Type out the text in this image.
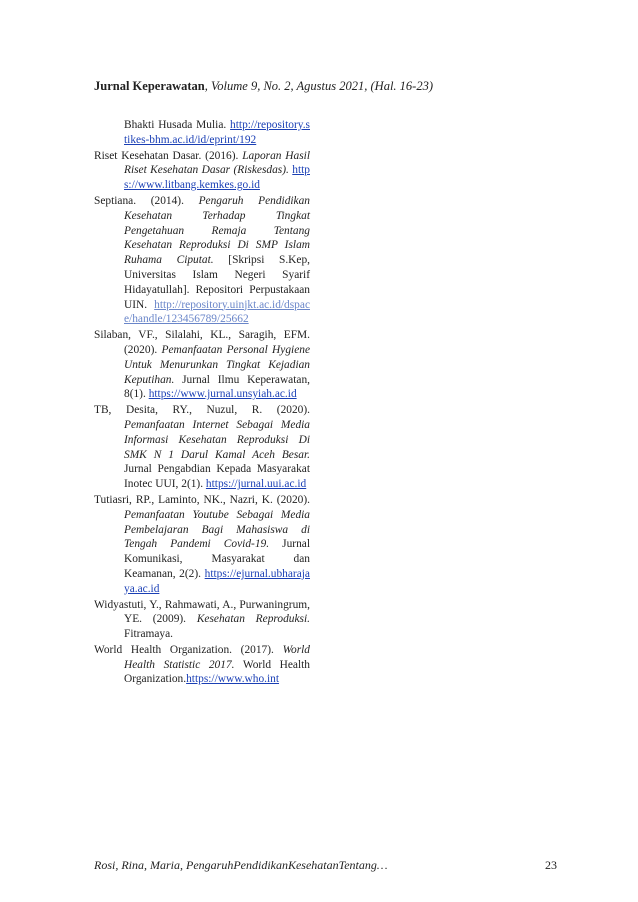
Jurnal Keperawatan, Volume 9, No. 2, Agustus 2021, (Hal. 16-23)

Bhakti Husada Mulia. http://repository.stikes-bhm.ac.id/id/eprint/192

Riset Kesehatan Dasar. (2016). Laporan Hasil Riset Kesehatan Dasar (Riskesdas). https://www.litbang.kemkes.go.id

Septiana. (2014). Pengaruh Pendidikan Kesehatan Terhadap Tingkat Pengetahuan Remaja Tentang Kesehatan Reproduksi Di SMP Islam Ruhama Ciputat. [Skripsi S.Kep, Universitas Islam Negeri Syarif Hidayatullah]. Repositori Perpustakaan UIN. http://repository.uinjkt.ac.id/dspace/handle/123456789/25662

Silaban, VF., Silalahi, KL., Saragih, EFM. (2020). Pemanfaatan Personal Hygiene Untuk Menurunkan Tingkat Kejadian Keputihan. Jurnal Ilmu Keperawatan, 8(1). https://www.jurnal.unsyiah.ac.id

TB, Desita, RY., Nuzul, R. (2020). Pemanfaatan Internet Sebagai Media Informasi Kesehatan Reproduksi Di SMK N 1 Darul Kamal Aceh Besar. Jurnal Pengabdian Kepada Masyarakat Inotec UUI, 2(1). https://jurnal.uui.ac.id

Tutiasri, RP., Laminto, NK., Nazri, K. (2020). Pemanfaatan Youtube Sebagai Media Pembelajaran Bagi Mahasiswa di Tengah Pandemi Covid-19. Jurnal Komunikasi, Masyarakat dan Keamanan, 2(2). https://ejurnal.ubharajaya.ac.id

Widyastuti, Y., Rahmawati, A., Purwaningrum, YE. (2009). Kesehatan Reproduksi. Fitramaya.

World Health Organization. (2017). World Health Statistic 2017. World Health Organization.https://www.who.int

Rosi, Rina, Maria, PengaruhPendidikanKesehatanTentang…	23
